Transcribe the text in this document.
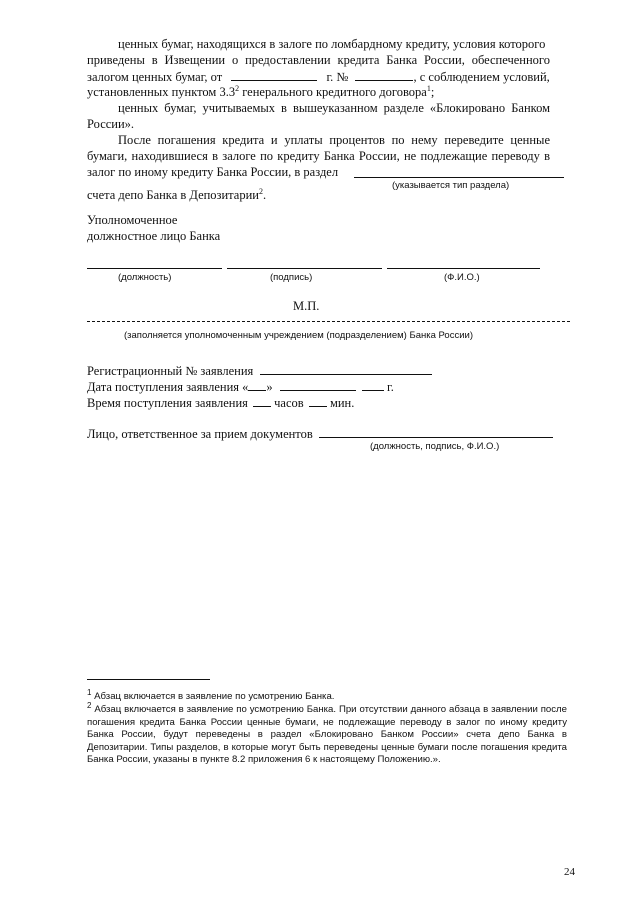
ценных бумаг, находящихся в залоге по ломбардному кредиту, условия которого
приведены в Извещении о предоставлении кредита Банка России, обеспеченного
залогом ценных бумаг, от	г. №	, с соблюдением условий,
установленных пунктом $3.3^2$ генерального кредитного договора$^1$;
ценных бумаг, учитываемых в вышеуказанном разделе «Блокировано Банком
России».
После погашения кредита и уплаты процентов по нему переведите ценные
бумаги, находившиеся в залоге по кредиту Банка России, не подлежащие переводу в
залог по иному кредиту Банка России, в раздел
(указывается тип раздела)
счета депо Банка в Депозитарии$^2$.
Уполномоченное
должностное лицо Банка
(должность)	(подпись)	(Ф.И.О.)
М.П.
(заполняется уполномоченным учреждением (подразделением) Банка России)
Регистрационный № заявления
Дата поступления заявления « »	г.
Время поступления заявления часов мин.
Лицо, ответственное за прием документов
(должность, подпись, Ф.И.О.)
$^1$ Абзац включается в заявление по усмотрению Банка.
$^2$ Абзац включается в заявление по усмотрению Банка. При отсутствии данного абзаца в заявлении после погашения кредита Банка России ценные бумаги, не подлежащие переводу в залог по иному кредиту Банка России, будут переведены в раздел «Блокировано Банком России» счета депо Банка в Депозитарии. Типы разделов, в которые могут быть переведены ценные бумаги после погашения кредита Банка России, указаны в пункте 8.2 приложения 6 к настоящему Положению.».
24
